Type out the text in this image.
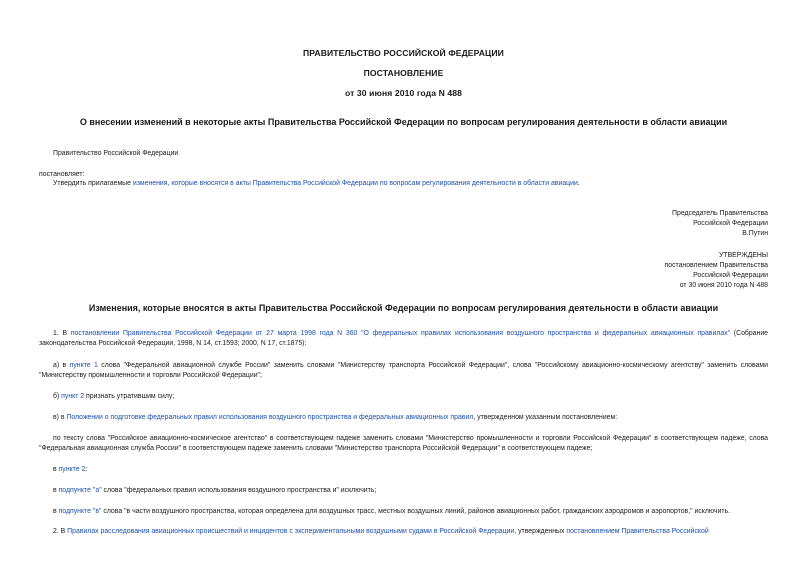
ПРАВИТЕЛЬСТВО РОССИЙСКОЙ ФЕДЕРАЦИИ
ПОСТАНОВЛЕНИЕ
от 30 июня 2010 года N 488
О внесении изменений в некоторые акты Правительства Российской Федерации по вопросам регулирования деятельности в области авиации
Правительство Российской Федерации
постановляет:
Утвердить прилагаемые изменения, которые вносятся в акты Правительства Российской Федерации по вопросам регулирования деятельности в области авиации.
Председатель Правительства
Российской Федерации
В.Путин
УТВЕРЖДЕНЫ
постановлением Правительства
Российской Федерации
от 30 июня 2010 года N 488
Изменения, которые вносятся в акты Правительства Российской Федерации по вопросам регулирования деятельности в области авиации
1. В постановлении Правительства Российской Федерации от 27 марта 1998 года N 360 "О федеральных правилах использования воздушного пространства и федеральных авиационных правилах" (Собрание законодательства Российской Федерации, 1998, N 14, ст.1593; 2000, N 17, ст.1875):
а) в пункте 1 слова "Федеральной авиационной службе России" заменить словами "Министерству транспорта Российской Федерации", слова "Российскому авиационно-космическому агентству" заменить словами "Министерству промышленности и торговли Российской Федерации";
б) пункт 2 признать утратившим силу;
в) в Положении о подготовке федеральных правил использования воздушного пространства и федеральных авиационных правил, утвержденном указанным постановлением:
по тексту слова "Российское авиационно-космическое агентство" в соответствующем падеже заменить словами "Министерство промышленности и торговли Российской Федерации" в соответствующем падеже, слова "Федеральная авиационная служба России" в соответствующем падеже заменить словами "Министерство транспорта Российской Федерации" в соответствующем падеже;
в пункте 2:
в подпункте "а" слова "федеральных правил использования воздушного пространства и" исключить;
в подпункте "в" слова "в части воздушного пространства, которая определена для воздушных трасс, местных воздушных линий, районов авиационных работ, гражданских аэродромов и аэропортов," исключить.
2. В Правилах расследования авиационных происшествий и инцидентов с экспериментальными воздушными судами в Российской Федерации, утвержденных постановлением Правительства Российской
